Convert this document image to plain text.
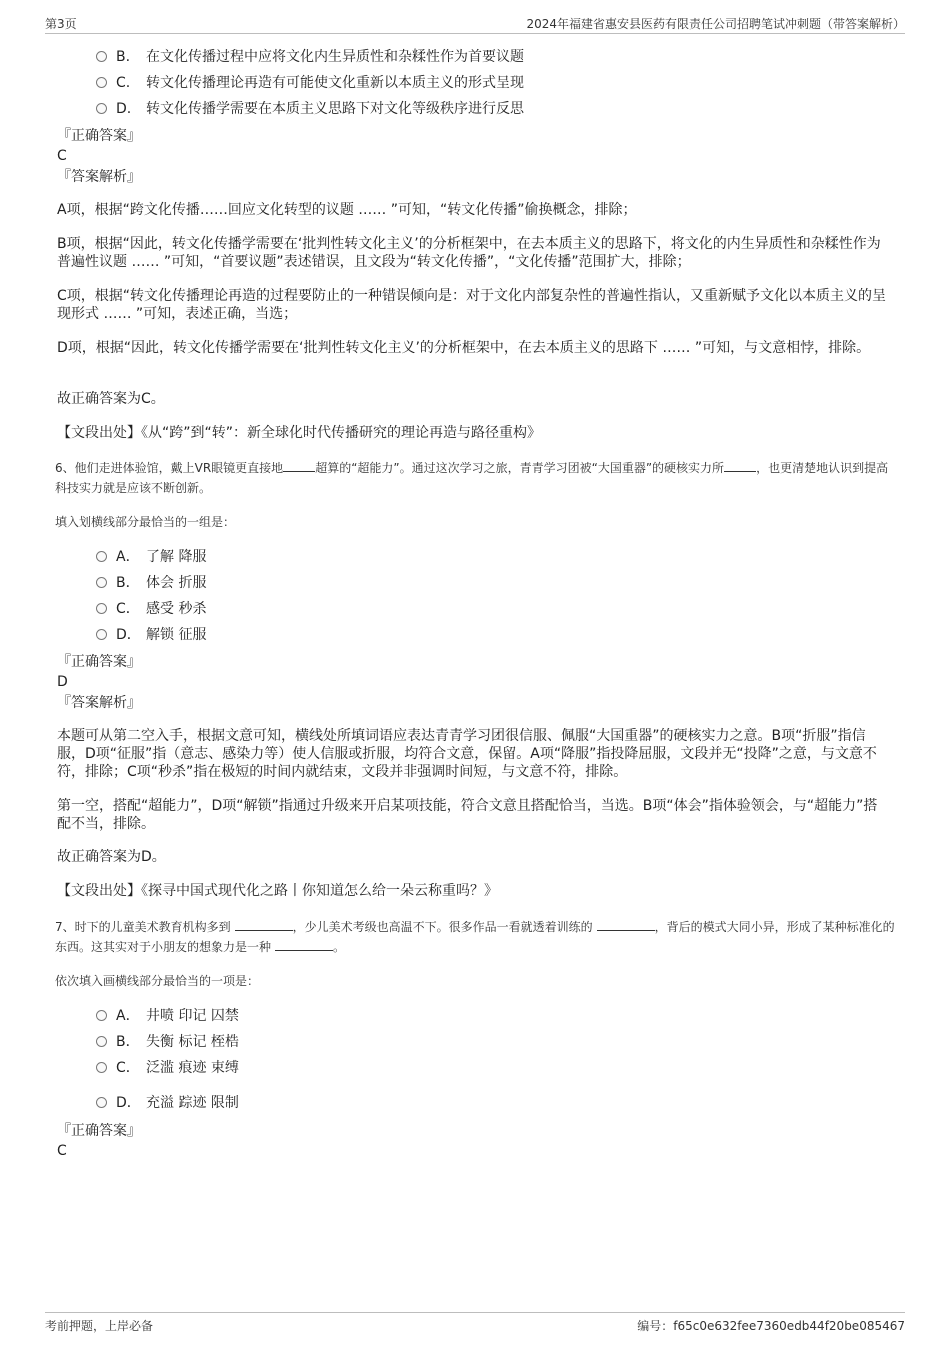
第3页	2024年福建省惠安县医药有限责任公司招聘笔试冲刺题（带答案解析）
B. 在文化传播过程中应将文化内生异质性和杂糅性作为首要议题
C. 转文化传播理论再造有可能使文化重新以本质主义的形式呈现
D. 转文化传播学需要在本质主义思路下对文化等级秩序进行反思
『正确答案』
C
『答案解析』
A项，根据“跨文化传播……回应文化转型的议题 …… ”可知，“转文化传播”偷换概念，排除；
B项，根据“因此，转文化传播学需要在‘批判性转文化主义’的分析框架中，在去本质主义的思路下，将文化的内生异质性和杂糅性作为普遍性议题 …… ”可知，“首要议题”表述错误，且文段为“转文化传播”，“文化传播”范围扩大，排除；
C项，根据“转文化传播理论再造的过程要防止的一种错误倾向是：对于文化内部复杂性的普遍性指认，又重新赋予文化以本质主义的呈现形式 …… ”可知，表述正确，当选；
D项，根据“因此，转文化传播学需要在‘批判性转文化主义’的分析框架中，在去本质主义的思路下 …… ”可知，与文意相悖，排除。
故正确答案为C。
【文段出处】《从“跨”到“转”：新全球化时代传播研究的理论再造与路径重构》
6、他们走进体验馆，戴上VR眼镜更直接地	超算的“超能力”。通过这次学习之旅，青青学习团被“大国重器”的硬核实力所	，也更清楚地认识到提高科技实力就是应该不断创新。
填入划横线部分最恰当的一组是：
A． 了解 降服
B． 体会 折服
C． 感受 秒杀
D． 解锁 征服
『正确答案』
D
『答案解析』
本题可从第二空入手，根据文意可知，横线处所填词语应表达青青学习团很信服、佩服“大国重器”的硬核实力之意。B项“折服”指信服，D项“征服”指（意志、感染力等）使人信服或折服，均符合文意，保留。A项“降服”指投降屈服，文段并无“投降”之意，与文意不符，排除；C项“秒杀”指在极短的时间内就结束，文段并非强调时间短，与文意不符，排除。
第一空，搭配“超能力”，D项“解锁”指通过升级来开启某项技能，符合文意且搭配恰当，当选。B项“体会”指体验领会，与“超能力”搭配不当，排除。
故正确答案为D。
【文段出处】《探寻中国式现代化之路丨你知道怎么给一朵云称重吗？》
7、时下的儿童美术教育机构多到	，少儿美术考级也高温不下。很多作品一看就透着训练的	，背后的模式大同小异，形成了某种标准化的东西。这其实对于小朋友的想象力是一种	。
依次填入画横线部分最恰当的一项是：
A． 井喷 印记 囚禁
B． 失衡 标记 桎梏
C． 泛滥 痕迹 束缚
D． 充溢 踪迹 限制
『正确答案』
C
考前押题，上岸必备	编号：f65c0e632fee7360edb44f20be085467
